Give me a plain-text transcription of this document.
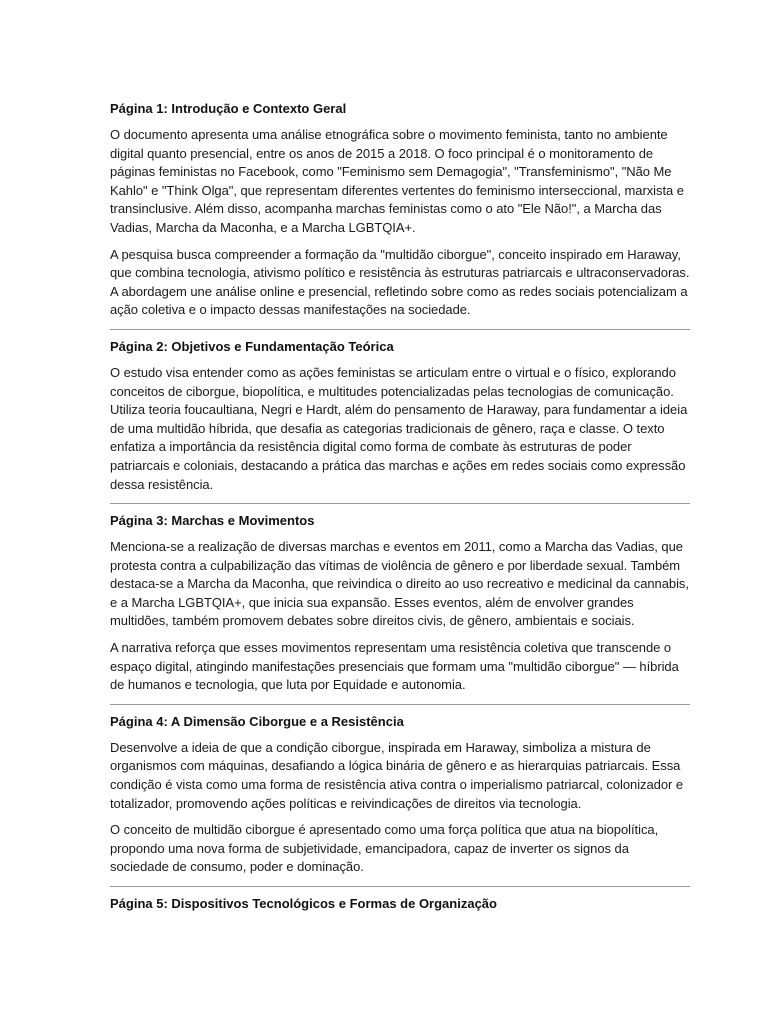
Página 1: Introdução e Contexto Geral

O documento apresenta uma análise etnográfica sobre o movimento feminista, tanto no ambiente digital quanto presencial, entre os anos de 2015 a 2018. O foco principal é o monitoramento de páginas feministas no Facebook, como "Feminismo sem Demagogia", "Transfeminismo", "Não Me Kahlo" e "Think Olga", que representam diferentes vertentes do feminismo interseccional, marxista e transinclusive. Além disso, acompanha marchas feministas como o ato "Ele Não!", a Marcha das Vadias, Marcha da Maconha, e a Marcha LGBTQIA+.

A pesquisa busca compreender a formação da "multidão ciborgue", conceito inspirado em Haraway, que combina tecnologia, ativismo político e resistência às estruturas patriarcais e ultraconservadoras. A abordagem une análise online e presencial, refletindo sobre como as redes sociais potencializam a ação coletiva e o impacto dessas manifestações na sociedade.

Página 2: Objetivos e Fundamentação Teórica

O estudo visa entender como as ações feministas se articulam entre o virtual e o físico, explorando conceitos de ciborgue, biopolítica, e multitudes potencializadas pelas tecnologias de comunicação. Utiliza teoria foucaultiana, Negri e Hardt, além do pensamento de Haraway, para fundamentar a ideia de uma multidão híbrida, que desafia as categorias tradicionais de gênero, raça e classe. O texto enfatiza a importância da resistência digital como forma de combate às estruturas de poder patriarcais e coloniais, destacando a prática das marchas e ações em redes sociais como expressão dessa resistência.

Página 3: Marchas e Movimentos

Menciona-se a realização de diversas marchas e eventos em 2011, como a Marcha das Vadias, que protesta contra a culpabilização das vítimas de violência de gênero e por liberdade sexual. Também destaca-se a Marcha da Maconha, que reivindica o direito ao uso recreativo e medicinal da cannabis, e a Marcha LGBTQIA+, que inicia sua expansão. Esses eventos, além de envolver grandes multidões, também promovem debates sobre direitos civis, de gênero, ambientais e sociais.

A narrativa reforça que esses movimentos representam uma resistência coletiva que transcende o espaço digital, atingindo manifestações presenciais que formam uma "multidão ciborgue" — híbrida de humanos e tecnologia, que luta por Equidade e autonomia.

Página 4: A Dimensão Ciborgue e a Resistência

Desenvolve a ideia de que a condição ciborgue, inspirada em Haraway, simboliza a mistura de organismos com máquinas, desafiando a lógica binária de gênero e as hierarquias patriarcais. Essa condição é vista como uma forma de resistência ativa contra o imperialismo patriarcal, colonizador e totalizador, promovendo ações políticas e reivindicações de direitos via tecnologia.

O conceito de multidão ciborgue é apresentado como uma força política que atua na biopolítica, propondo uma nova forma de subjetividade, emancipadora, capaz de inverter os signos da sociedade de consumo, poder e dominação.

Página 5: Dispositivos Tecnológicos e Formas de Organização
